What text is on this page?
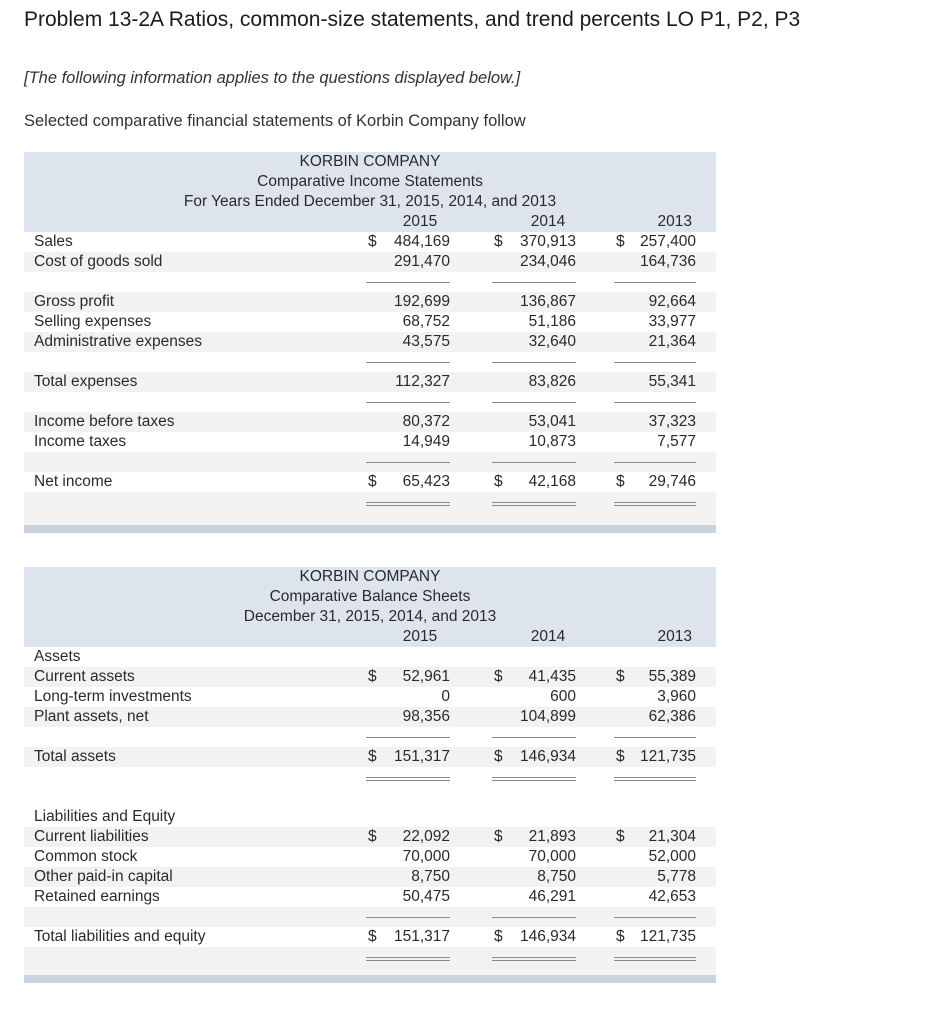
Problem 13-2A Ratios, common-size statements, and trend percents LO P1, P2, P3
[The following information applies to the questions displayed below.]
Selected comparative financial statements of Korbin Company follow
KORBIN COMPANY
Comparative Income Statements
For Years Ended December 31, 2015, 2014, and 2013
2015	2014	2013
Sales	$ 484,169	$ 370,913	$ 257,400
Cost of goods sold	291,470	234,046	164,736
Gross profit	192,699	136,867	92,664
Selling expenses	68,752	51,186	33,977
Administrative expenses	43,575	32,640	21,364
Total expenses	112,327	83,826	55,341
Income before taxes	80,372	53,041	37,323
Income taxes	14,949	10,873	7,577
Net income	$ 65,423	$ 42,168	$ 29,746
KORBIN COMPANY
Comparative Balance Sheets
December 31, 2015, 2014, and 2013
2015	2014	2013
Assets
Current assets	$ 52,961	$ 41,435	$ 55,389
Long-term investments	0	600	3,960
Plant assets, net	98,356	104,899	62,386
Total assets	$ 151,317	$ 146,934	$ 121,735
Liabilities and Equity
Current liabilities	$ 22,092	$ 21,893	$ 21,304
Common stock	70,000	70,000	52,000
Other paid-in capital	8,750	8,750	5,778
Retained earnings	50,475	46,291	42,653
Total liabilities and equity	$ 151,317	$ 146,934	$ 121,735
